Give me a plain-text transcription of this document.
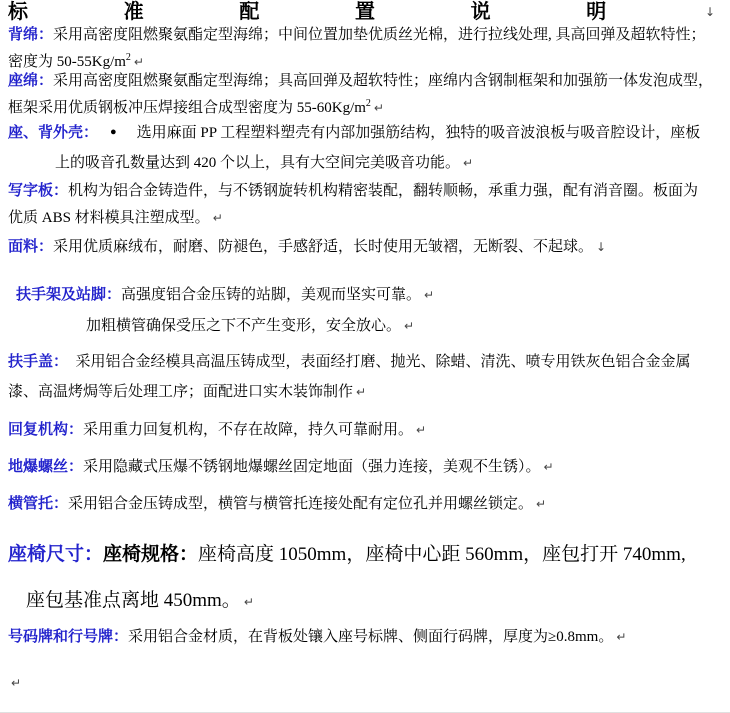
标	准	配	置	说	明	↓
背绵：采用高密度阻燃聚氨酯定型海绵；中间位置加垫优质丝光棉，进行拉线处理, 具高回弹及超软特性；
密度为 $50-55Kg/m^2$ ↵
座绵：采用高密度阻燃聚氨酯定型海绵；具高回弹及超软特性；座绵内含钢制框架和加强筋一体发泡成型，
框架采用优质钢板冲压焊接组合成型密度为 $55-60Kg/m^2$ ↵
座、背外壳： ● 选用麻面 PP 工程塑料塑壳有内部加强筋结构，独特的吸音波浪板与吸音腔设计，座板
上的吸音孔数量达到 420 个以上，具有大空间完美吸音功能。 ↵
写字板：机构为铝合金铸造件，与不锈钢旋转机构精密装配，翻转顺畅，承重力强，配有消音圈。板面为
优质 ABS 材料模具注塑成型。 ↵
面料：采用优质麻绒布，耐磨、防褪色，手感舒适，长时使用无皱褶，无断裂、不起球。 ↓
扶手架及站脚：高强度铝合金压铸的站脚，美观而坚实可靠。 ↵
加粗横管确保受压之下不产生变形，安全放心。 ↵
扶手盖：　采用铝合金经模具高温压铸成型，表面经打磨、抛光、除蜡、清洗、喷专用铁灰色铝合金金属
漆、高温烤焗等后处理工序；面配进口实木装饰制作 ↵
回复机构：采用重力回复机构，不存在故障，持久可靠耐用。 ↵
地爆螺丝：采用隐藏式压爆不锈钢地爆螺丝固定地面（强力连接，美观不生锈）。 ↵
横管托：采用铝合金压铸成型，横管与横管托连接处配有定位孔并用螺丝锁定。 ↵
座椅尺寸：座椅规格：座椅高度 1050mm，座椅中心距 560mm，座包打开 740mm,
座包基准点离地 450mm。 ↵
号码牌和行号牌：采用铝合金材质，在背板处镶入座号标牌、侧面行码牌，厚度为≥0.8mm。 ↵
↵
